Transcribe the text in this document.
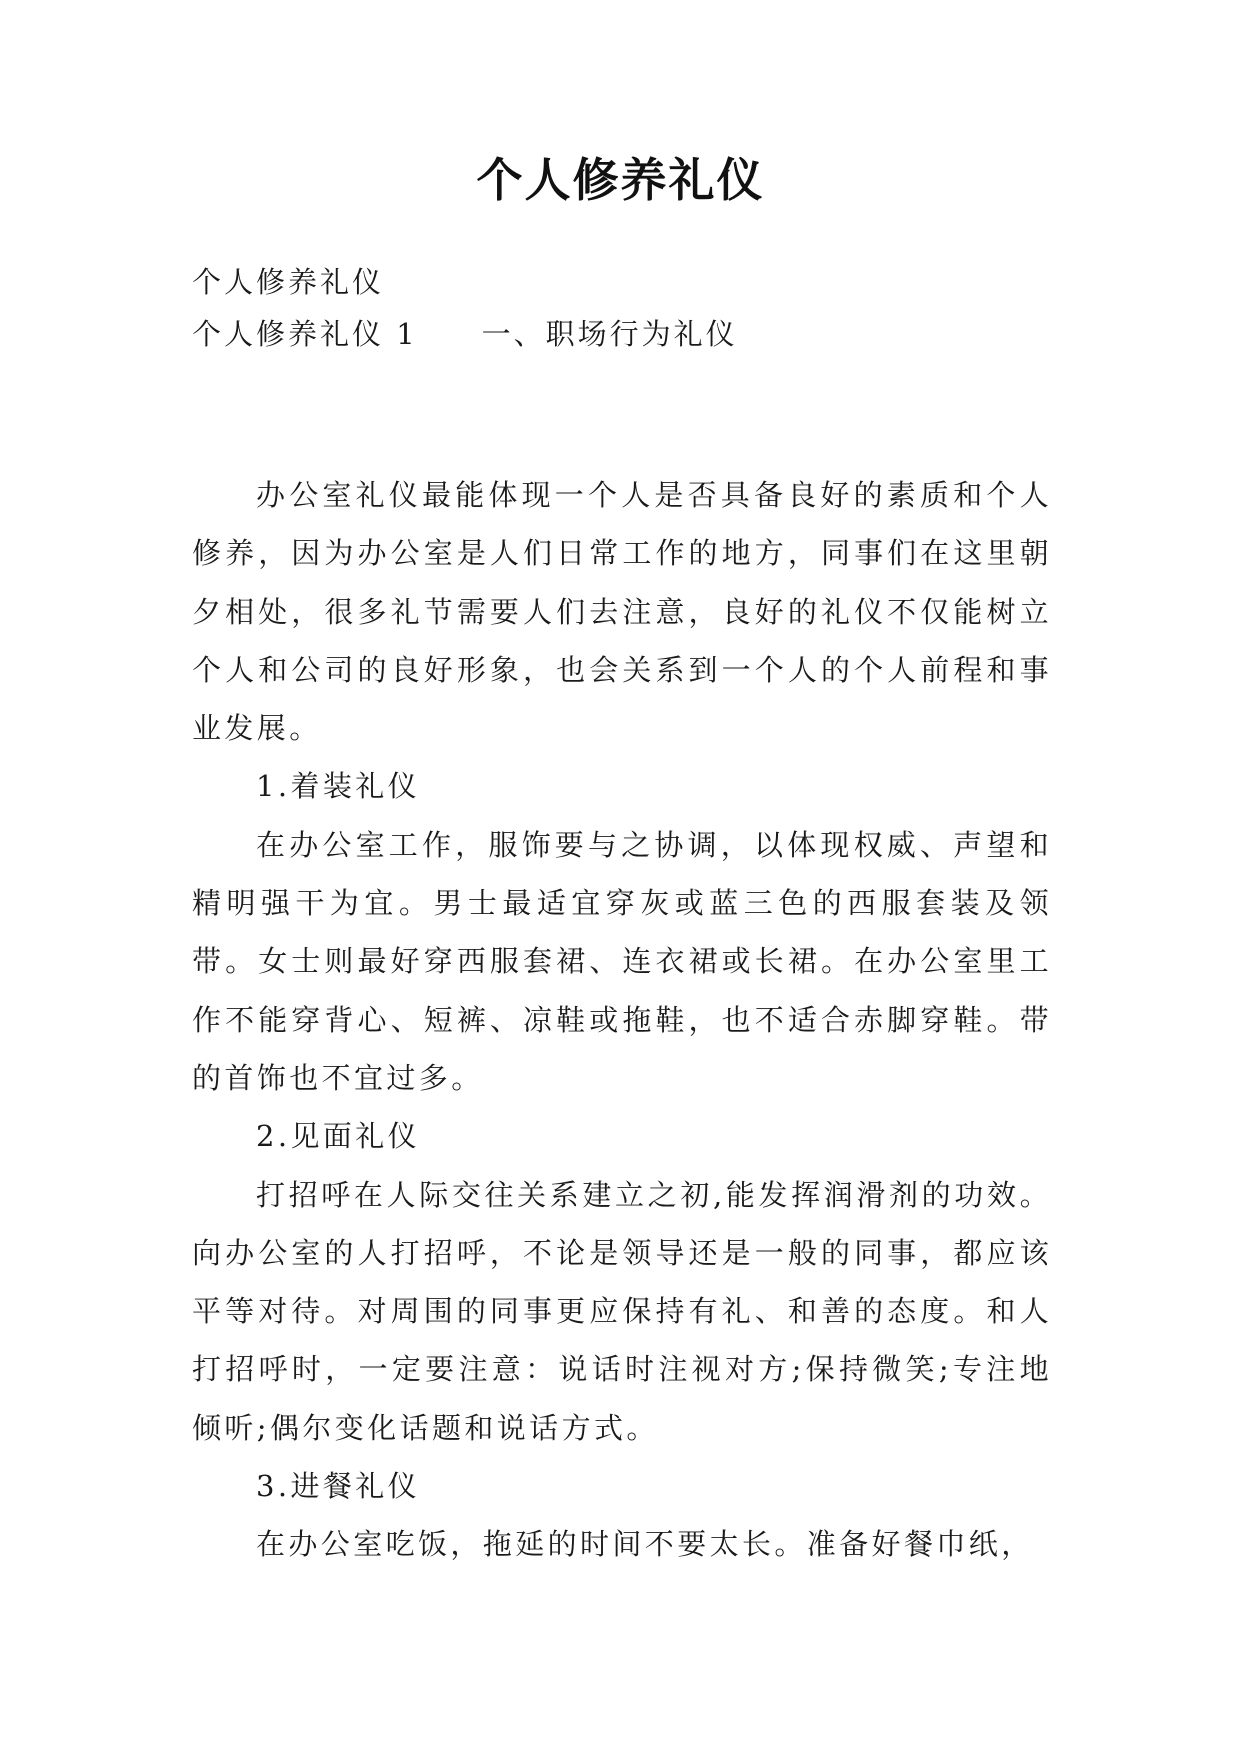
个人修养礼仪
个人修养礼仪
个人修养礼仪 1 一、职场行为礼仪

办公室礼仪最能体现一个人是否具备良好的素质和个人修养，因为办公室是人们日常工作的地方，同事们在这里朝夕相处，很多礼节需要人们去注意，良好的礼仪不仅能树立个人和公司的良好形象，也会关系到一个人的个人前程和事业发展。

1.着装礼仪

在办公室工作，服饰要与之协调，以体现权威、声望和精明强干为宜。男士最适宜穿灰或蓝三色的西服套装及领带。女士则最好穿西服套裙、连衣裙或长裙。在办公室里工作不能穿背心、短裤、凉鞋或拖鞋，也不适合赤脚穿鞋。带的首饰也不宜过多。

2.见面礼仪

打招呼在人际交往关系建立之初,能发挥润滑剂的功效。向办公室的人打招呼，不论是领导还是一般的同事，都应该平等对待。对周围的同事更应保持有礼、和善的态度。和人打招呼时，一定要注意：说话时注视对方;保持微笑;专注地倾听;偶尔变化话题和说话方式。

3.进餐礼仪

在办公室吃饭，拖延的时间不要太长。准备好餐巾纸，
